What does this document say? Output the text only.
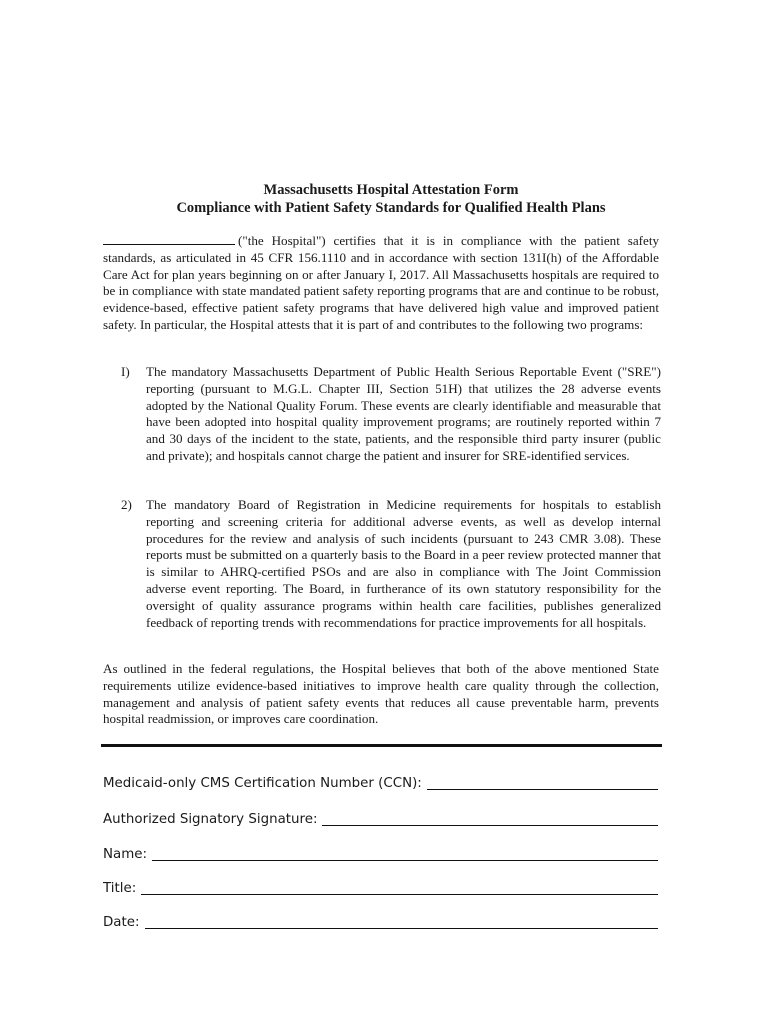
Massachusetts Hospital Attestation Form
Compliance with Patient Safety Standards for Qualified Health Plans
("the Hospital") certifies that it is in compliance with the patient safety standards, as articulated in 45 CFR 156.1110 and in accordance with section 131I(h) of the Affordable Care Act for plan years beginning on or after January I, 2017. All Massachusetts hospitals are required to be in compliance with state mandated patient safety reporting programs that are and continue to be robust, evidence-based, effective patient safety programs that have delivered high value and improved patient safety. In particular, the Hospital attests that it is part of and contributes to the following two programs:
I) The mandatory Massachusetts Department of Public Health Serious Reportable Event ("SRE") reporting (pursuant to M.G.L. Chapter III, Section 51H) that utilizes the 28 adverse events adopted by the National Quality Forum. These events are clearly identifiable and measurable that have been adopted into hospital quality improvement programs; are routinely reported within 7 and 30 days of the incident to the state, patients, and the responsible third party insurer (public and private); and hospitals cannot charge the patient and insurer for SRE-identified services.
2) The mandatory Board of Registration in Medicine requirements for hospitals to establish reporting and screening criteria for additional adverse events, as well as develop internal procedures for the review and analysis of such incidents (pursuant to 243 CMR 3.08). These reports must be submitted on a quarterly basis to the Board in a peer review protected manner that is similar to AHRQ-certified PSOs and are also in compliance with The Joint Commission adverse event reporting. The Board, in furtherance of its own statutory responsibility for the oversight of quality assurance programs within health care facilities, publishes generalized feedback of reporting trends with recommendations for practice improvements for all hospitals.
As outlined in the federal regulations, the Hospital believes that both of the above mentioned State requirements utilize evidence-based initiatives to improve health care quality through the collection, management and analysis of patient safety events that reduces all cause preventable harm, prevents hospital readmission, or improves care coordination.
Medicaid-only CMS Certification Number (CCN):
Authorized Signatory Signature:
Name:
Title:
Date:
